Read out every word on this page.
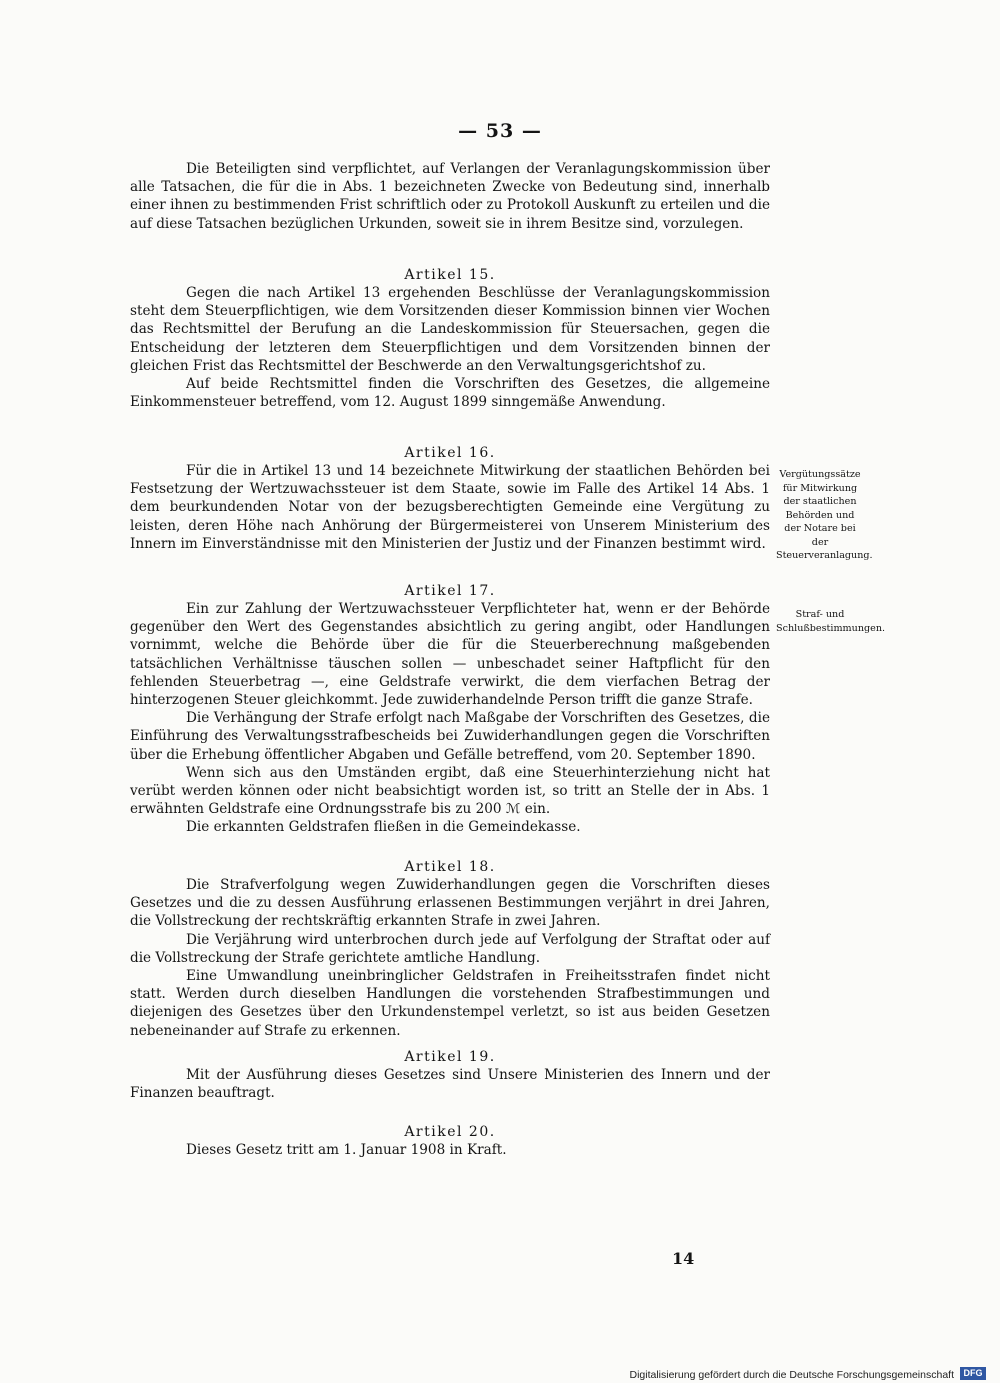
— 53 —

Die Beteiligten sind verpflichtet, auf Verlangen der Veranlagungskommission über alle Tatsachen, die für die in Abs. 1 bezeichneten Zwecke von Bedeutung sind, innerhalb einer ihnen zu bestimmenden Frist schriftlich oder zu Protokoll Auskunft zu erteilen und die auf diese Tatsachen bezüglichen Urkunden, soweit sie in ihrem Besitze sind, vorzulegen.

Artikel 15.

Gegen die nach Artikel 13 ergehenden Beschlüsse der Veranlagungskommission steht dem Steuerpflichtigen, wie dem Vorsitzenden dieser Kommission binnen vier Wochen das Rechtsmittel der Berufung an die Landeskommission für Steuersachen, gegen die Entscheidung der letzteren dem Steuerpflichtigen und dem Vorsitzenden binnen der gleichen Frist das Rechtsmittel der Beschwerde an den Verwaltungsgerichtshof zu.

Auf beide Rechtsmittel finden die Vorschriften des Gesetzes, die allgemeine Einkommensteuer betreffend, vom 12. August 1899 sinngemäße Anwendung.

Artikel 16.

Für die in Artikel 13 und 14 bezeichnete Mitwirkung der staatlichen Behörden bei Festsetzung der Wertzuwachssteuer ist dem Staate, sowie im Falle des Artikel 14 Abs. 1 dem beurkundenden Notar von der bezugsberechtigten Gemeinde eine Vergütung zu leisten, deren Höhe nach Anhörung der Bürgermeisterei von Unserem Ministerium des Innern im Einverständnisse mit den Ministerien der Justiz und der Finanzen bestimmt wird.

Vergütungssätze für Mitwirkung der staatlichen Behörden und der Notare bei der Steuerveranlagung.

Artikel 17.

Ein zur Zahlung der Wertzuwachssteuer Verpflichteter hat, wenn er der Behörde gegenüber den Wert des Gegenstandes absichtlich zu gering angibt, oder Handlungen vornimmt, welche die Behörde über die für die Steuerberechnung maßgebenden tatsächlichen Verhältnisse täuschen sollen — unbeschadet seiner Haftpflicht für den fehlenden Steuerbetrag —, eine Geldstrafe verwirkt, die dem vierfachen Betrag der hinterzogenen Steuer gleichkommt. Jede zuwiderhandelnde Person trifft die ganze Strafe.

Die Verhängung der Strafe erfolgt nach Maßgabe der Vorschriften des Gesetzes, die Einführung des Verwaltungsstrafbescheids bei Zuwiderhandlungen gegen die Vorschriften über die Erhebung öffentlicher Abgaben und Gefälle betreffend, vom 20. September 1890.

Wenn sich aus den Umständen ergibt, daß eine Steuerhinterziehung nicht hat verübt werden können oder nicht beabsichtigt worden ist, so tritt an Stelle der in Abs. 1 erwähnten Geldstrafe eine Ordnungsstrafe bis zu 200 ℳ ein.

Die erkannten Geldstrafen fließen in die Gemeindekasse.

Straf- und Schlußbestimmungen.

Artikel 18.

Die Strafverfolgung wegen Zuwiderhandlungen gegen die Vorschriften dieses Gesetzes und die zu dessen Ausführung erlassenen Bestimmungen verjährt in drei Jahren, die Vollstreckung der rechtskräftig erkannten Strafe in zwei Jahren.

Die Verjährung wird unterbrochen durch jede auf Verfolgung der Straftat oder auf die Vollstreckung der Strafe gerichtete amtliche Handlung.

Eine Umwandlung uneinbringlicher Geldstrafen in Freiheitsstrafen findet nicht statt. Werden durch dieselben Handlungen die vorstehenden Strafbestimmungen und diejenigen des Gesetzes über den Urkundenstempel verletzt, so ist aus beiden Gesetzen nebeneinander auf Strafe zu erkennen.

Artikel 19.

Mit der Ausführung dieses Gesetzes sind Unsere Ministerien des Innern und der Finanzen beauftragt.

Artikel 20.

Dieses Gesetz tritt am 1. Januar 1908 in Kraft.

14

Digitalisierung gefördert durch die Deutsche Forschungsgemeinschaft	DFG
